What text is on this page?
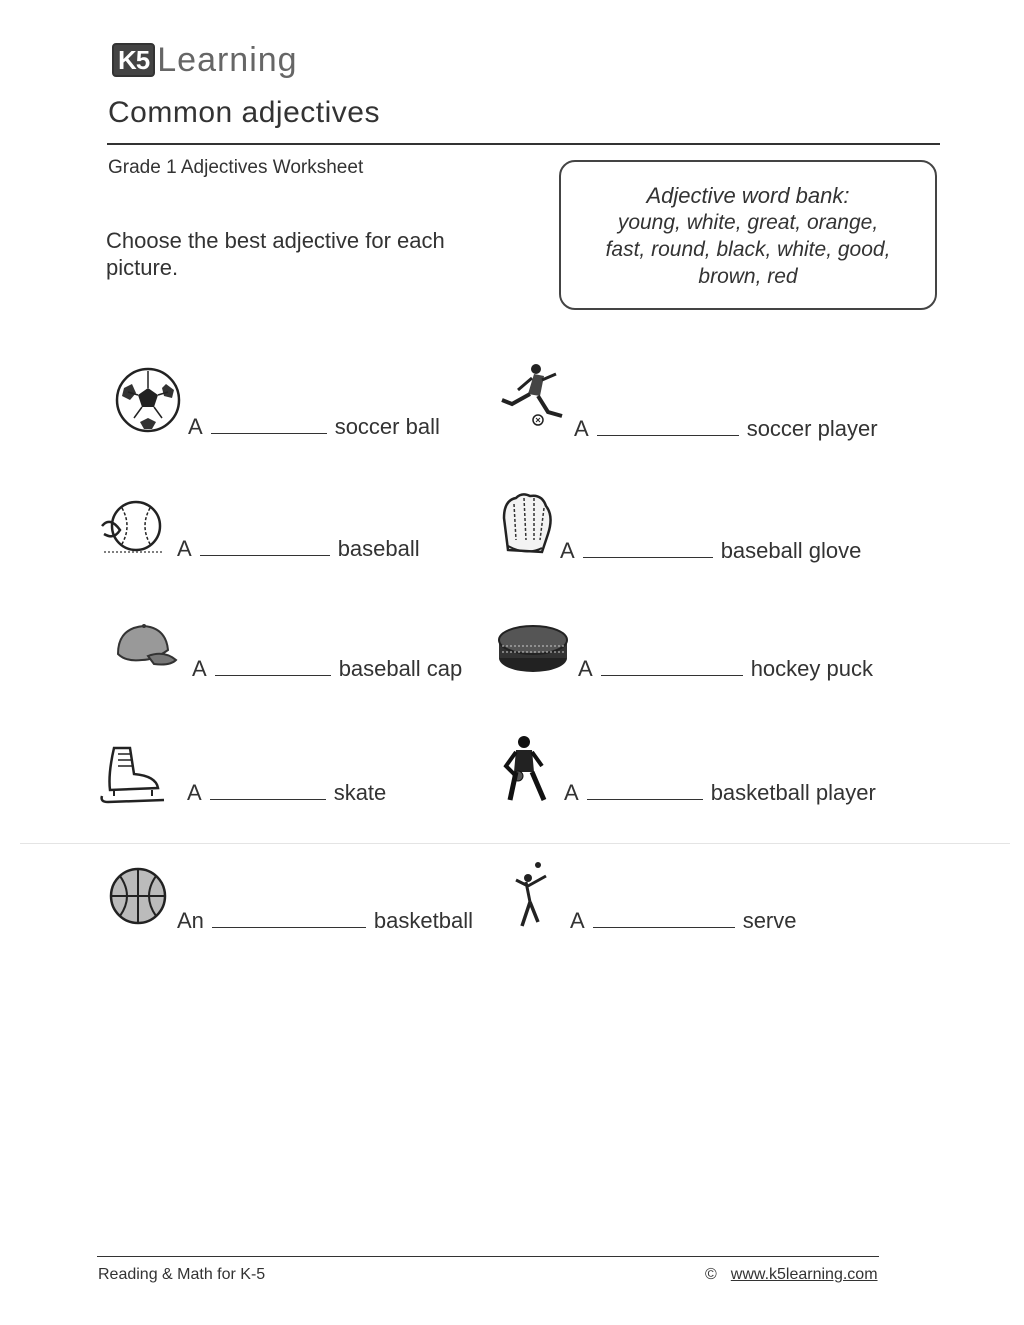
K5 Learning
Common adjectives
Grade 1 Adjectives Worksheet
Choose the best adjective for each picture.
Adjective word bank:
young, white, great, orange,
fast, round, black, white, good,
brown, red
A	soccer ball	A	soccer player
A	baseball	A	baseball glove
A	baseball cap	A	hockey puck
A	skate	A	basketball player
An	basketball	A	serve
Reading & Math for K-5	© www.k5learning.com
